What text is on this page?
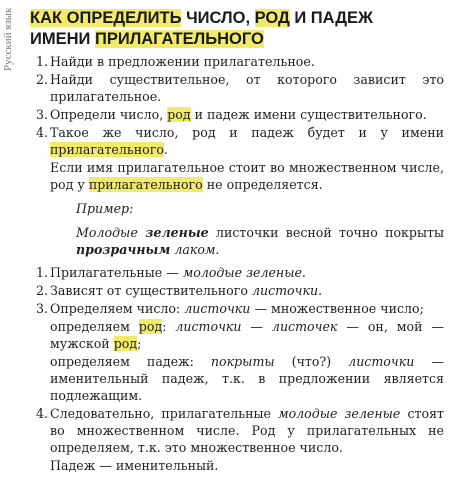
Русский язык КАК ОПРЕДЕЛИТЬ ЧИСЛО, РОД И ПАДЕЖ
ИМЕНИ ПРИЛАГАТЕЛЬНОГО
1. Найди в предложении прилагательное.
2. Найди существительное, от которого зависит это прилагательное.
3. Определи число, род и падеж имени существительного.
4. Такое же число, род и падеж будет и у имени прилагательного.
Если имя прилагательное стоит во множественном числе, род у прилагательного не определяется.
Пример:
Молодые зеленые листочки весной точно покрыты прозрачным лаком.
1. Прилагательные — молодые зеленые.
2. Зависят от существительного листочки.
3. Определяем число: листочки — множественное число;
определяем род: листочки — листочек — он, мой — мужской род;
определяем падеж: покрыты (что?) листочки — именительный падеж, т.к. в предложении является подлежащим.
4. Следовательно, прилагательные молодые зеленые стоят во множественном числе. Род у прилагательных не определяем, т.к. это множественное число.
Падеж — именительный.
